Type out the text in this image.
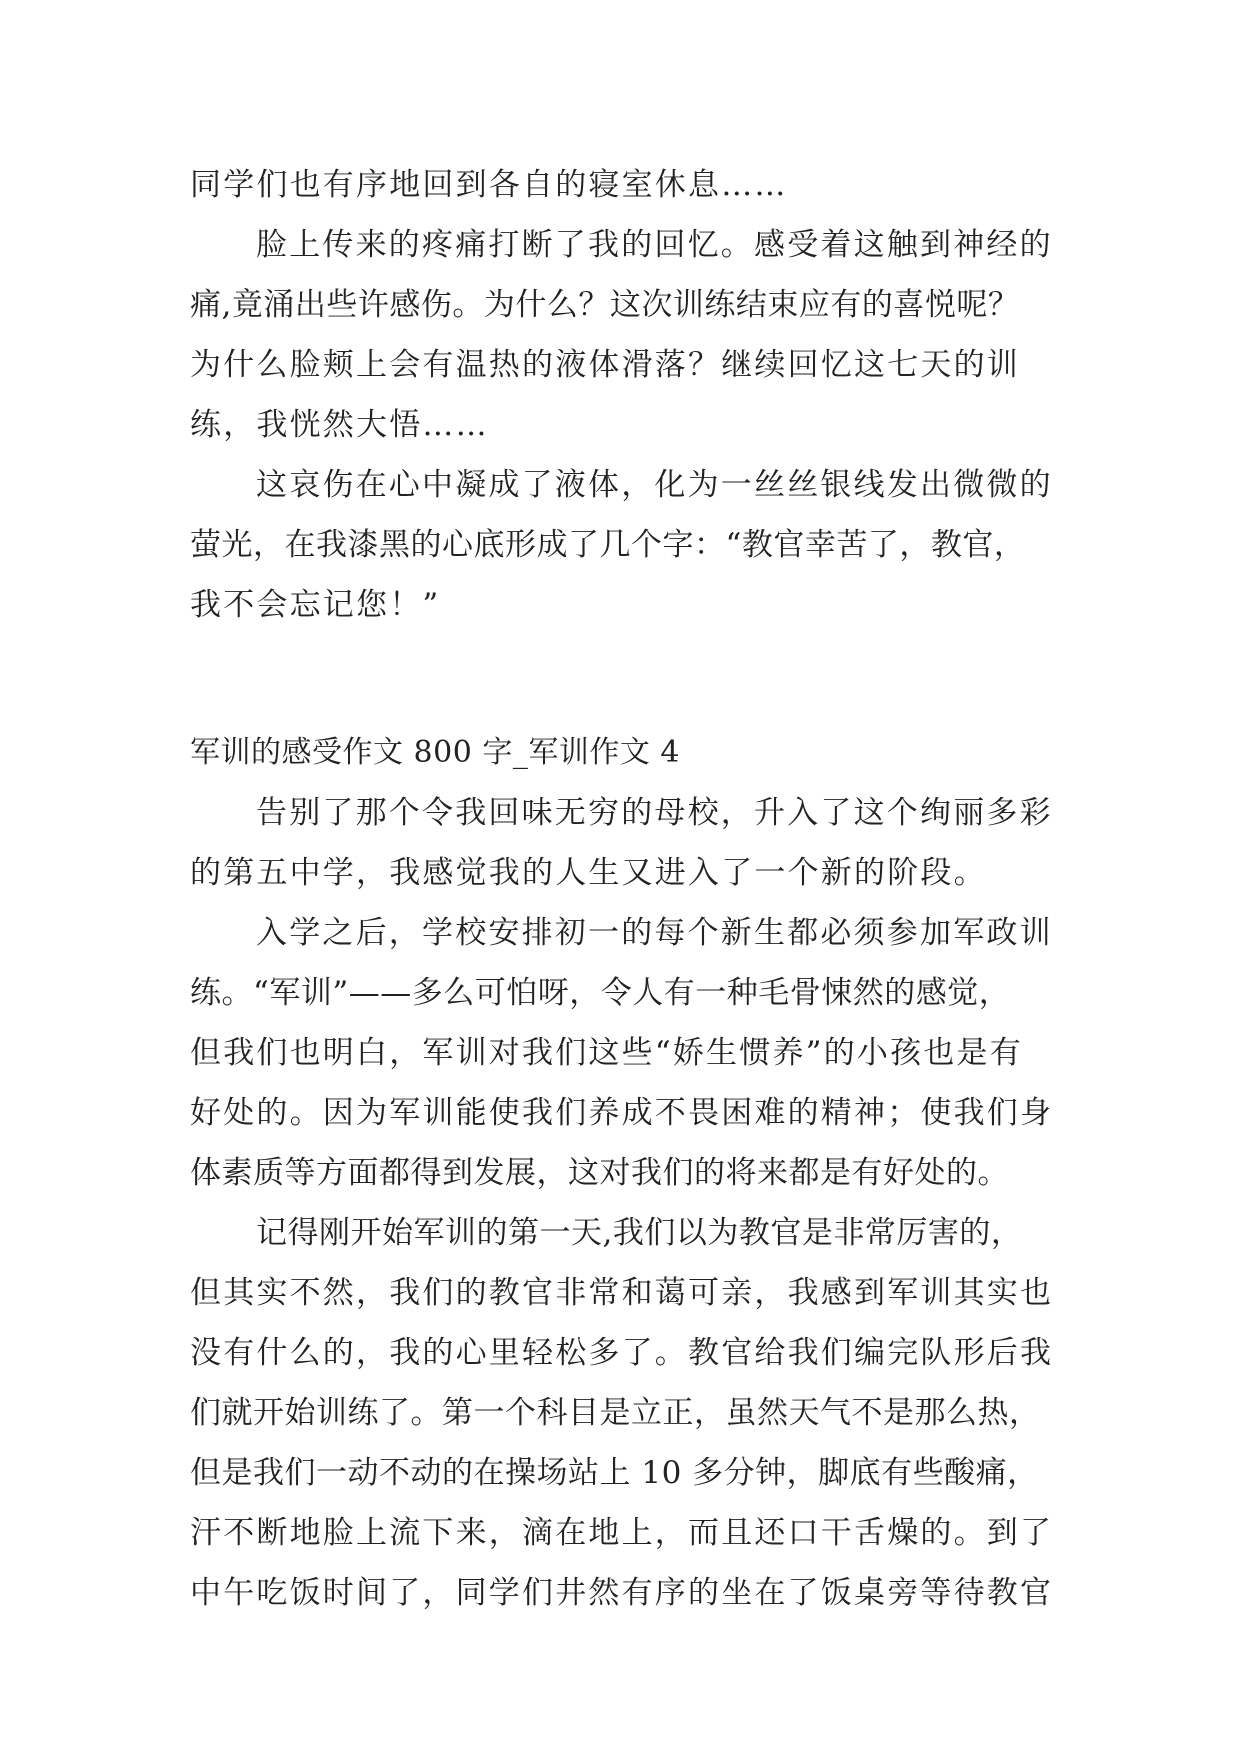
同学们也有序地回到各自的寝室休息……
脸上传来的疼痛打断了我的回忆。感受着这触到神经的
痛,竟涌出些许感伤。为什么？这次训练结束应有的喜悦呢？
为什么脸颊上会有温热的液体滑落？继续回忆这七天的训
练，我恍然大悟……
这哀伤在心中凝成了液体，化为一丝丝银线发出微微的
萤光，在我漆黑的心底形成了几个字：“教官幸苦了，教官，
我不会忘记您！”
军训的感受作文 800 字_军训作文 4
告别了那个令我回味无穷的母校，升入了这个绚丽多彩
的第五中学，我感觉我的人生又进入了一个新的阶段。
入学之后，学校安排初一的每个新生都必须参加军政训
练。“军训”——多么可怕呀，令人有一种毛骨悚然的感觉，
但我们也明白，军训对我们这些“娇生惯养”的小孩也是有
好处的。因为军训能使我们养成不畏困难的精神；使我们身
体素质等方面都得到发展，这对我们的将来都是有好处的。
记得刚开始军训的第一天,我们以为教官是非常厉害的，
但其实不然，我们的教官非常和蔼可亲，我感到军训其实也
没有什么的，我的心里轻松多了。教官给我们编完队形后我
们就开始训练了。第一个科目是立正，虽然天气不是那么热，
但是我们一动不动的在操场站上 10 多分钟，脚底有些酸痛，
汗不断地脸上流下来，滴在地上，而且还口干舌燥的。到了
中午吃饭时间了，同学们井然有序的坐在了饭桌旁等待教官
